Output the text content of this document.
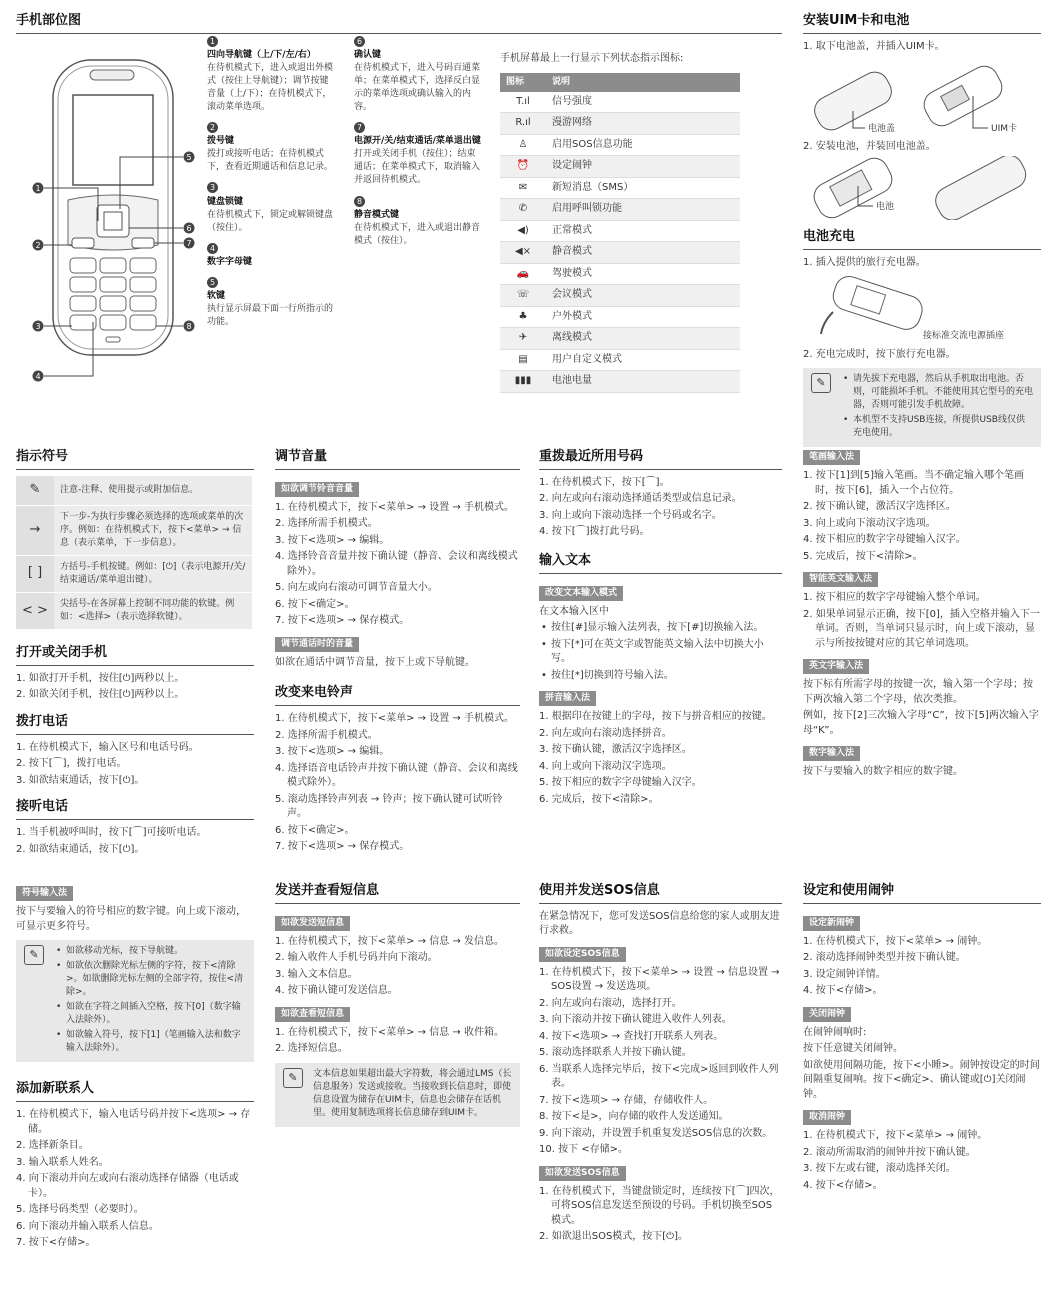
手机部位图
1
2
3
4
5
6
7
8
1
四向导航键（上/下/左/右）
在待机模式下，进入或退出外模式（按住上导航键）；调节按键音量（上/下）；在待机模式下，滚动菜单选项。
2
拨号键
拨打或接听电话；在待机模式下，查看近期通话和信息记录。
3
键盘锁键
在待机模式下，锁定或解锁键盘（按住）。
4
数字字母键
5
软键
执行显示屏最下面一行所指示的功能。
6
确认键
在待机模式下，进入号码百通菜单；在菜单模式下，选择反白显示的菜单选项或确认输入的内容。
7
电源开/关/结束通话/菜单退出键
打开或关闭手机（按住）；结束通话；在菜单模式下，取消输入并返回待机模式。
8
静音模式键
在待机模式下，进入或退出静音模式（按住）。

手机屏幕最上一行显示下列状态指示图标:

图标	说明
T.ıl	信号强度
R.ıl	漫游网络
♙	启用SOS信息功能
⏰	设定闹钟
✉	新短消息（SMS）
✆	启用呼叫锁功能
◀)	正常模式
◀×	静音模式
🚗	驾驶模式
☏	会议模式
♣	户外模式
✈	离线模式
▤	用户自定义模式
▮▮▮	电池电量
安装UIM卡和电池

1. 取下电池盖，并插入UIM卡。

电池盖	UIM卡

2. 安装电池，并装回电池盖。

电池
电池充电

1. 插入提供的旅行充电器。

接标准交流电源插座

2. 充电完成时，按下旅行充电器。

✎	• 请先拔下充电器，然后从手机取出电池。否则，可能损坏手机。不能使用其它型号的充电器，否则可能引发手机故障。
• 本机型不支持USB连接，所提供USB线仅供充电使用。
指示符号
✎	注意-注释、使用提示或附加信息。
→	下一步-为执行步骤必须选择的选项或菜单的次序。例如：在待机模式下，按下<菜单> → 信息（表示菜单，下一步信息）。
[ ]	方括号-手机按键。例如：[⏻]（表示电源开/关/结束通话/菜单退出键）。
< >	尖括号-在各屏幕上控制不同功能的软键。例如：<选择>（表示选择软键）。
打开或关闭手机
1. 如欲打开手机，按住[⏻]两秒以上。
2. 如欲关闭手机，按住[⏻]两秒以上。
拨打电话
1. 在待机模式下，输入区号和电话号码。
2. 按下[⌒]，拨打电话。
3. 如欲结束通话，按下[⏻]。
接听电话
1. 当手机被呼叫时，按下[⌒]可接听电话。
2. 如欲结束通话，按下[⏻]。
调节音量
如欲调节铃音音量
1. 在待机模式下，按下<菜单> → 设置 → 手机模式。
2. 选择所需手机模式。
3. 按下<选项> → 编辑。
4. 选择铃音音量并按下确认键（静音、会议和离线模式除外）。
5. 向左或向右滚动可调节音量大小。
6. 按下<确定>。
7. 按下<选项> → 保存模式。
调节通话时的音量

如欲在通话中调节音量，按下上或下导航键。

改变来电铃声
1. 在待机模式下，按下<菜单> → 设置 → 手机模式。
2. 选择所需手机模式。
3. 按下<选项> → 编辑。
4. 选择语音电话铃声并按下确认键（静音、会议和离线模式除外）。
5. 滚动选择铃声列表 → 铃声；按下确认键可试听铃声。
6. 按下<确定>。
7. 按下<选项> → 保存模式。
重拨最近所用号码
1. 在待机模式下，按下[⌒]。
2. 向左或向右滚动选择通话类型或信息记录。
3. 向上或向下滚动选择一个号码或名字。
4. 按下[⌒]拨打此号码。
输入文本
改变文本输入模式

在文本输入区中

• 按住[#]显示输入法列表，按下[#]切换输入法。
• 按下[*]可在英文字或智能英文输入法中切换大小写。
• 按住[*]切换到符号输入法。
拼音输入法
1. 根据印在按键上的字母，按下与拼音相应的按键。
2. 向左或向右滚动选择拼音。
3. 按下确认键，激活汉字选择区。
4. 向上或向下滚动汉字选项。
5. 按下相应的数字字母键输入汉字。
6. 完成后，按下<清除>。
笔画输入法
1. 按下[1]到[5]输入笔画。当不确定输入哪个笔画时，按下[6]，插入一个占位符。
2. 按下确认键，激活汉字选择区。
3. 向上或向下滚动汉字选项。
4. 按下相应的数字字母键输入汉字。
5. 完成后，按下<清除>。
智能英文输入法
1. 按下相应的数字字母键输入整个单词。
2. 如果单词显示正确，按下[0]，插入空格并输入下一单词。否则，当单词只显示时，向上或下滚动，显示与所按按键对应的其它单词选项。
英文字输入法

按下标有所需字母的按键一次，输入第一个字母；按下两次输入第二个字母，依次类推。

例如，按下[2]三次输入字母“C”，按下[5]两次输入字母“K”。

数字输入法

按下与要输入的数字相应的数字键。

符号输入法

按下与要输入的符号相应的数字键。向上或下滚动，可显示更多符号。

✎	• 如欲移动光标，按下导航键。
• 如欲依次删除光标左侧的字符，按下<清除>。如欲删除光标左侧的全部字符，按住<清除>。
• 如欲在字符之间插入空格，按下[0]（数字输入法除外）。
• 如欲输入符号，按下[1]（笔画输入法和数字输入法除外）。
添加新联系人
1. 在待机模式下，输入电话号码并按下<选项> → 存储。
2. 选择新条目。
3. 输入联系人姓名。
4. 向下滚动并向左或向右滚动选择存储器（电话或卡）。
5. 选择号码类型（必要时）。
6. 向下滚动并输入联系人信息。
7. 按下<存储>。
发送并查看短信息
如欲发送短信息
1. 在待机模式下，按下<菜单> → 信息 → 发信息。
2. 输入收件人手机号码并向下滚动。
3. 输入文本信息。
4. 按下确认键可发送信息。
如欲查看短信息
1. 在待机模式下，按下<菜单> → 信息 → 收件箱。
2. 选择短信息。
✎	文本信息如果超出最大字符数，将会通过LMS（长信息服务）发送或接收。当接收到长信息时，即使信息设置为储存在UIM卡，信息也会储存在话机里。使用复制选项将长信息储存到UIM卡。

使用并发送SOS信息

在紧急情况下，您可发送SOS信息给您的家人或朋友进行求救。

如欲设定SOS信息
1. 在待机模式下，按下<菜单> → 设置 → 信息设置 → SOS设置 → 发送选项。
2. 向左或向右滚动，选择打开。
3. 向下滚动并按下确认键进入收件人列表。
4. 按下<选项> → 查找打开联系人列表。
5. 滚动选择联系人并按下确认键。
6. 当联系人选择完毕后，按下<完成>返回到收件人列表。
7. 按下<选项> → 存储，存储收件人。
8. 按下<是>，向存储的收件人发送通知。
9. 向下滚动，并设置手机重复发送SOS信息的次数。
10. 按下 <存储>。
如欲发送SOS信息
1. 在待机模式下，当键盘锁定时，连续按下[⌒]四次，可将SOS信息发送至预设的号码。手机切换至SOS模式。
2. 如欲退出SOS模式，按下[⏻]。
设定和使用闹钟
设定新闹钟
1. 在待机模式下，按下<菜单> → 闹钟。
2. 滚动选择闹钟类型并按下确认键。
3. 设定闹钟详情。
4. 按下<存储>。
关闭闹钟

在闹钟闹响时:

按下任意键关闭闹钟。

如欲使用间隔功能，按下<小睡>。闹钟按设定的时间间隔重复闹响。按下<确定>、确认键或[⏻]关闭闹钟。

取消闹钟
1. 在待机模式下，按下<菜单> → 闹钟。
2. 滚动所需取消的闹钟并按下确认键。
3. 按下左或右键，滚动选择关闭。
4. 按下<存储>。
